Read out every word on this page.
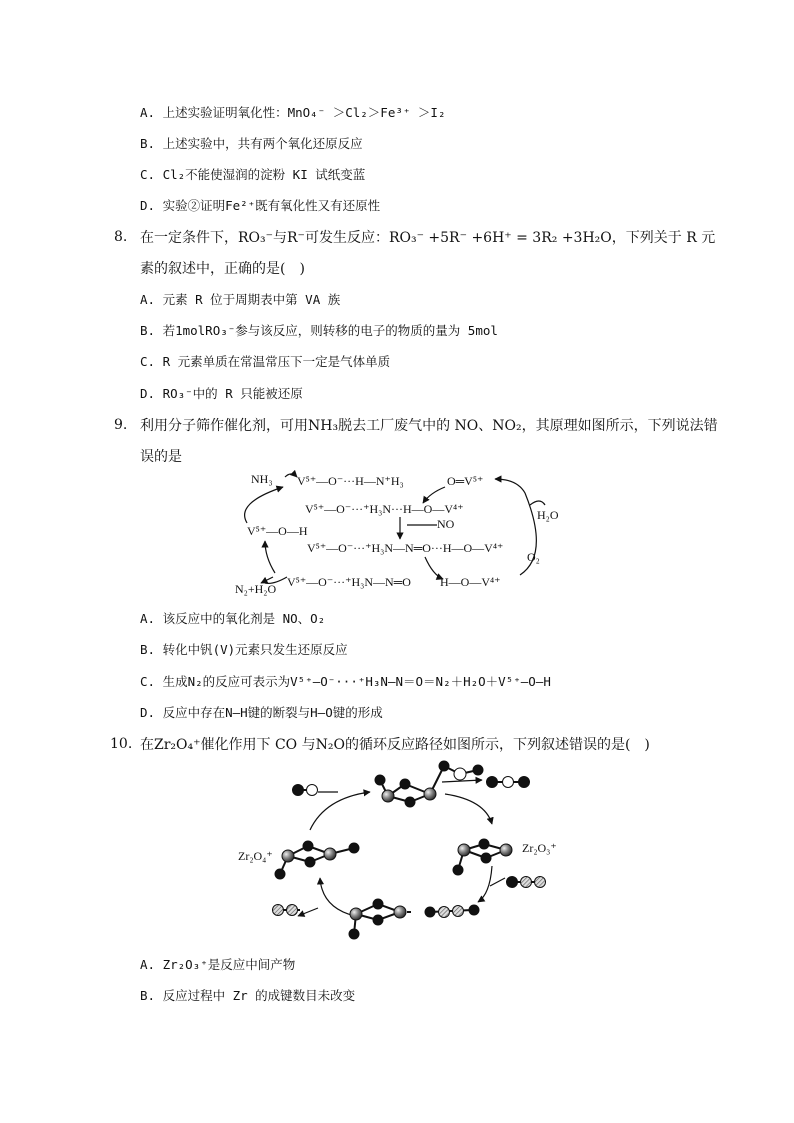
A. 上述实验证明氧化性：MnO₄⁻ ＞Cl₂＞Fe³⁺ ＞I₂
B. 上述实验中，共有两个氧化还原反应
C. Cl₂不能使湿润的淀粉 KI 试纸变蓝
D. 实验②证明Fe²⁺既有氧化性又有还原性
8. 在一定条件下，RO₃⁻与R⁻可发生反应：RO₃⁻ +5R⁻ +6H⁺ = 3R₂ +3H₂O，下列关于 R 元
素的叙述中，正确的是(　)
A. 元素 R 位于周期表中第 VA 族
B. 若1molRO₃⁻参与该反应，则转移的电子的物质的量为 5mol
C. R 元素单质在常温常压下一定是气体单质
D. RO₃⁻中的 R 只能被还原
9. 利用分子筛作催化剂，可用NH₃脱去工厂废气中的 NO、NO₂，其原理如图所示，下列说法错
误的是
NH₃ V⁵⁺—O⁻···H—N⁺H₃	O═V⁵⁺
V⁵⁺—O⁻···⁺H₃N···H—O—V⁴⁺
NO
V⁵⁺—O—H
H₂O
V⁵⁺—O⁻···⁺H₃N—N═O···H—O—V⁴⁺
O₂
N₂+H₂O V⁵⁺—O⁻···⁺H₃N—N═O H—O—V⁴⁺
A. 该反应中的氧化剂是 NO、O₂
B. 转化中钒(V)元素只发生还原反应
C. 生成N₂的反应可表示为V⁵⁺—O⁻···⁺H₃N—N＝O＝N₂＋H₂O＋V⁵⁺—O—H
D. 反应中存在N—H键的断裂与H—O键的形成
10. 在Zr₂O₄⁺催化作用下 CO 与N₂O的循环反应路径如图所示，下列叙述错误的是(　)
Zr₂O₄⁺
Zr₂O₃⁺
A. Zr₂O₃⁺是反应中间产物
B. 反应过程中 Zr 的成键数目未改变
